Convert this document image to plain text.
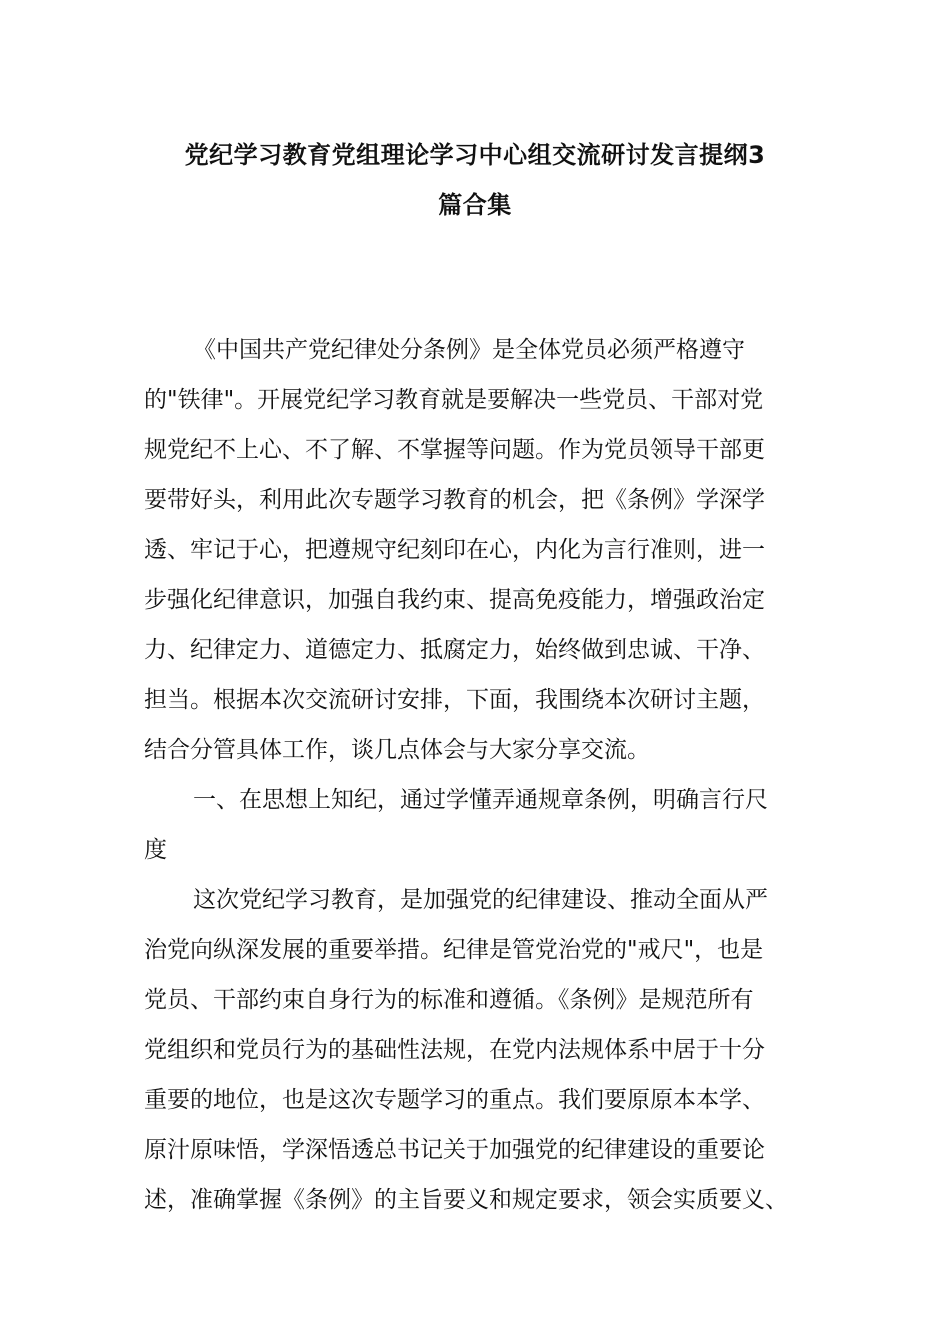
党纪学习教育党组理论学习中心组交流研讨发言提纲3
篇合集
《中国共产党纪律处分条例》是全体党员必须严格遵守
的"铁律"。开展党纪学习教育就是要解决一些党员、干部对党
规党纪不上心、不了解、不掌握等问题。作为党员领导干部更
要带好头，利用此次专题学习教育的机会，把《条例》学深学
透、牢记于心，把遵规守纪刻印在心，内化为言行准则，进一
步强化纪律意识，加强自我约束、提高免疫能力，增强政治定
力、纪律定力、道德定力、抵腐定力，始终做到忠诚、干净、
担当。根据本次交流研讨安排，下面，我围绕本次研讨主题，
结合分管具体工作，谈几点体会与大家分享交流。
一、在思想上知纪，通过学懂弄通规章条例，明确言行尺
度
这次党纪学习教育，是加强党的纪律建设、推动全面从严
治党向纵深发展的重要举措。纪律是管党治党的"戒尺"，也是
党员、干部约束自身行为的标准和遵循。《条例》是规范所有
党组织和党员行为的基础性法规，在党内法规体系中居于十分
重要的地位，也是这次专题学习的重点。我们要原原本本学、
原汁原味悟，学深悟透总书记关于加强党的纪律建设的重要论
述，准确掌握《条例》的主旨要义和规定要求，领会实质要义、
